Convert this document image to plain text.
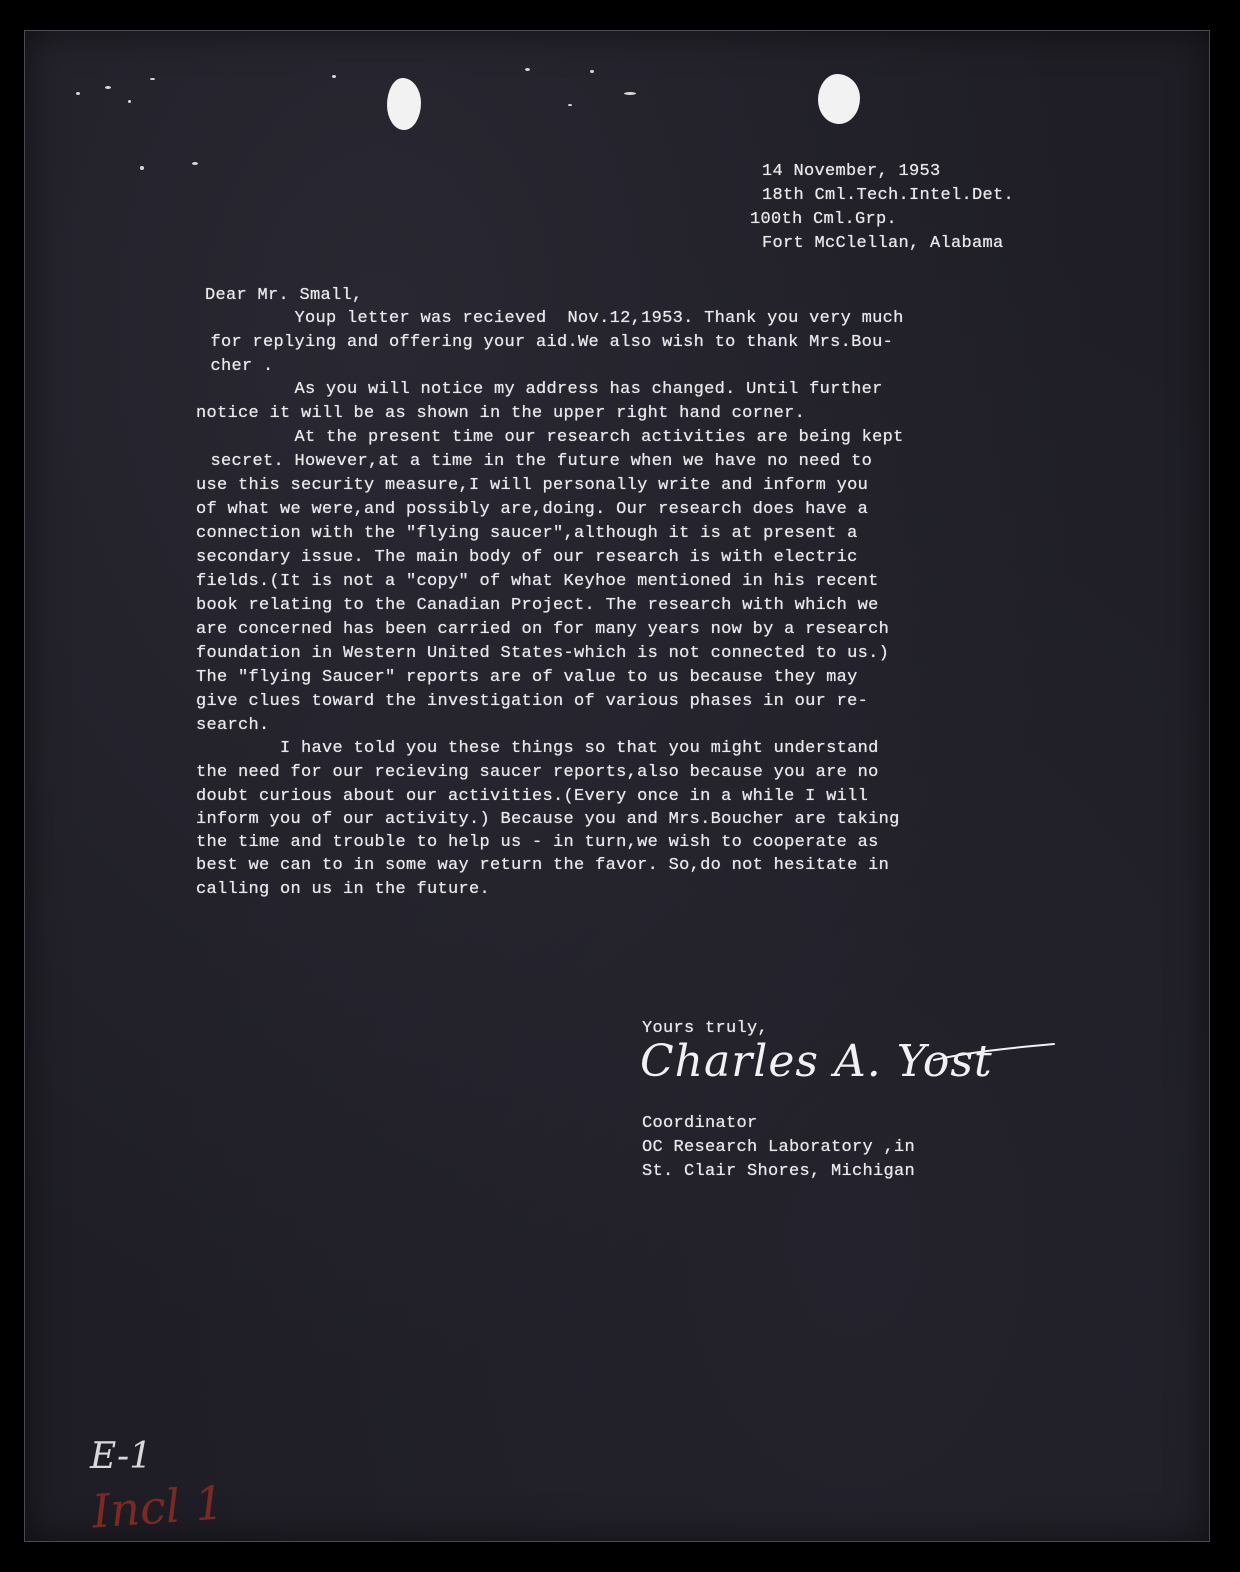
14 November, 1953
18th Cml.Tech.Intel.Det.
100th Cml.Grp.
Fort McClellan, Alabama
Dear Mr. Small,
Youp letter was recieved  Nov.12,1953. Thank you very much
for replying and offering your aid.We also wish to thank Mrs.Bou-
cher .
As you will notice my address has changed. Until further
notice it will be as shown in the upper right hand corner.
At the present time our research activities are being kept
secret. However,at a time in the future when we have no need to
use this security measure,I will personally write and inform you
of what we were,and possibly are,doing. Our research does have a
connection with the "flying saucer",although it is at present a
secondary issue. The main body of our research is with electric
fields.(It is not a "copy" of what Keyhoe mentioned in his recent
book relating to the Canadian Project. The research with which we
are concerned has been carried on for many years now by a research
foundation in Western United States-which is not connected to us.)
The "flying Saucer" reports are of value to us because they may
give clues toward the investigation of various phases in our re-
search.
I have told you these things so that you might understand
the need for our recieving saucer reports,also because you are no
doubt curious about our activities.(Every once in a while I will
inform you of our activity.) Because you and Mrs.Boucher are taking
the time and trouble to help us - in turn,we wish to cooperate as
best we can to in some way return the favor. So,do not hesitate in
calling on us in the future.
Yours truly,
Charles A. Yost
Coordinator
OC Research Laboratory ,in
St. Clair Shores, Michigan
E-1
Incl 1
